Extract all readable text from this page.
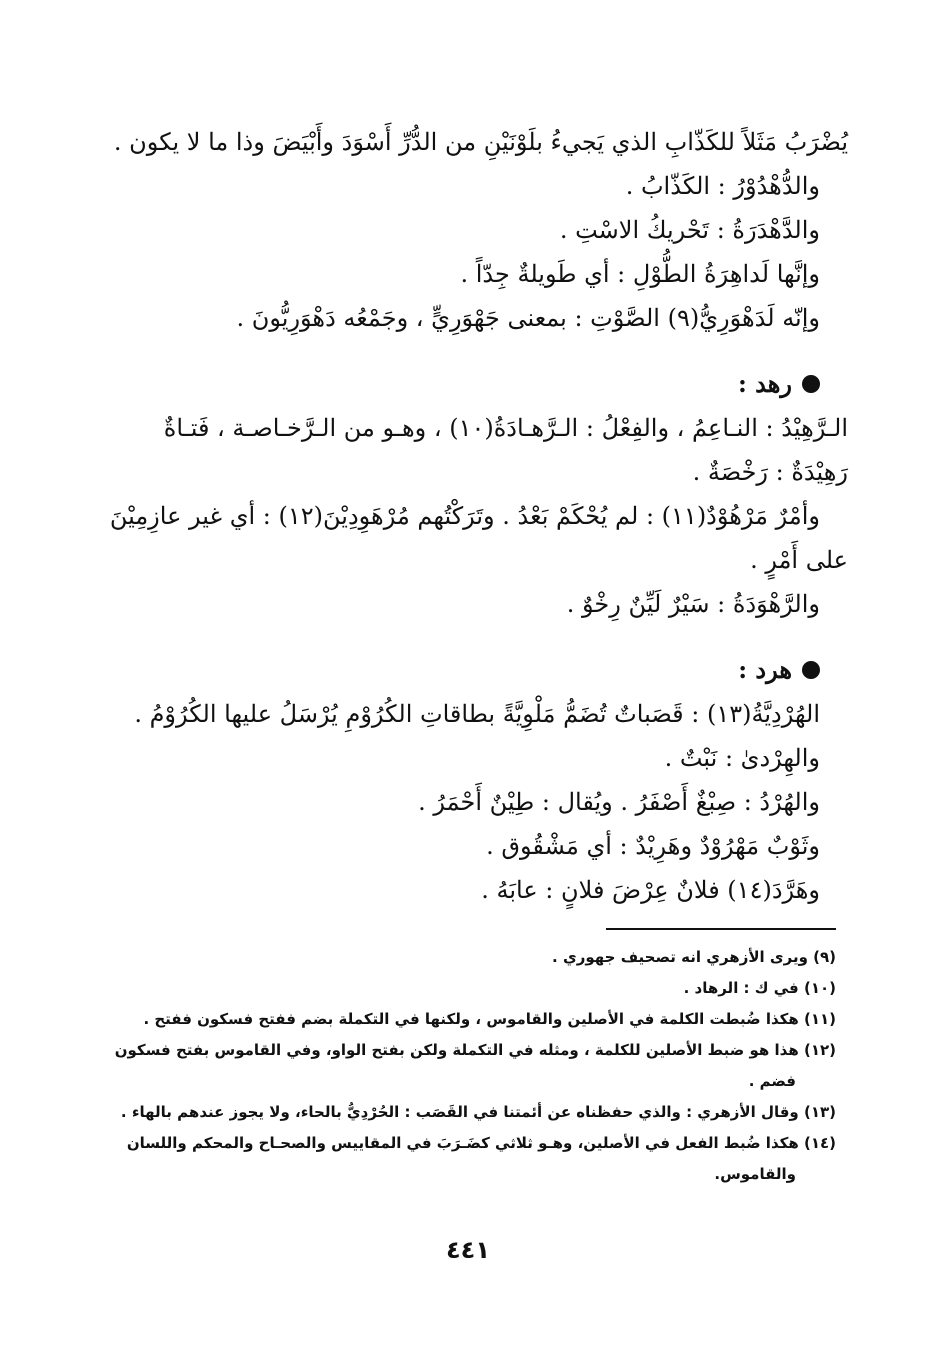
يُضْرَبُ مَثَلاً للكَذّابِ الذي يَجيءُ بلَوْنَيْنِ من الدُّرِّ أَسْوَدَ وأَبْيَضَ وذا ما لا يكون .

والدُّهْدُوْرُ : الكَذّابُ .

والدَّهْدَرَةُ : تَحْريكُ الاسْتِ .

وإنَّها لَداهِرَةُ الطُّوْلِ : أي طَويلةٌ جِدّاً .

وإنّه لَدَهْوَرِيُّ(٩) الصَّوْتِ : بمعنى جَهْوَرِيٍّ ، وجَمْعُه دَهْوَرِيُّونَ .

رهد :

الـرَّهِيْدُ : النـاعِمُ ، والفِعْلُ : الـرَّهـادَةُ(١٠) ، وهـو من الـرَّخـاصـة ، فَتـاةٌ

رَهِيْدَةٌ : رَخْصَةٌ .

وأمْرٌ مَرْهُوْدٌ(١١) : لم يُحْكَمْ بَعْدُ . وتَرَكْتُهم مُرْهَوِدِيْنَ(١٢) : أي غير عازِمِيْنَ

على أَمْرٍ .

والرَّهْوَدَةُ : سَيْرٌ لَيِّنٌ رِخْوٌ .

هرد :

الهُرْدِيَّةُ(١٣) : قَصَباتٌ تُضَمُّ مَلْوِيَّةً بطاقاتِ الكُرُوْمِ يُرْسَلُ عليها الكُرُوْمُ .

والهِرْدىٰ : نَبْتٌ .

والهُرْدُ : صِبْغٌ أَصْفَرُ . ويُقال : طِيْنٌ أَحْمَرُ .

وثَوْبٌ مَهْرُوْدٌ وهَرِيْدٌ : أي مَشْقُوق .

وهَرَّدَ(١٤) فلانٌ عِرْضَ فلانٍ : عابَهُ .

(٩) ويرى الأزهري انه تصحيف جهوري .

(١٠) في ك : الرهاد .

(١١) هكذا ضُبطت الكلمة في الأصلين والقاموس ، ولكنها في التكملة بضم ففتح فسكون ففتح .

(١٢) هذا هو ضبط الأصلين للكلمة ، ومثله في التكملة ولكن بفتح الواو، وفي القاموس بفتح فسكون

فضم .

(١٣) وقال الأزهري : والذي حفظناه عن أئمتنا في القَصَب : الحُرْدِيُّ بالحاء، ولا يجوز عندهم بالهاء .

(١٤) هكذا ضُبط الفعل في الأصلين، وهـو ثلاثي كضَـرَبَ في المقاييس والصحـاح والمحكم واللسان

والقاموس.

٤٤١
